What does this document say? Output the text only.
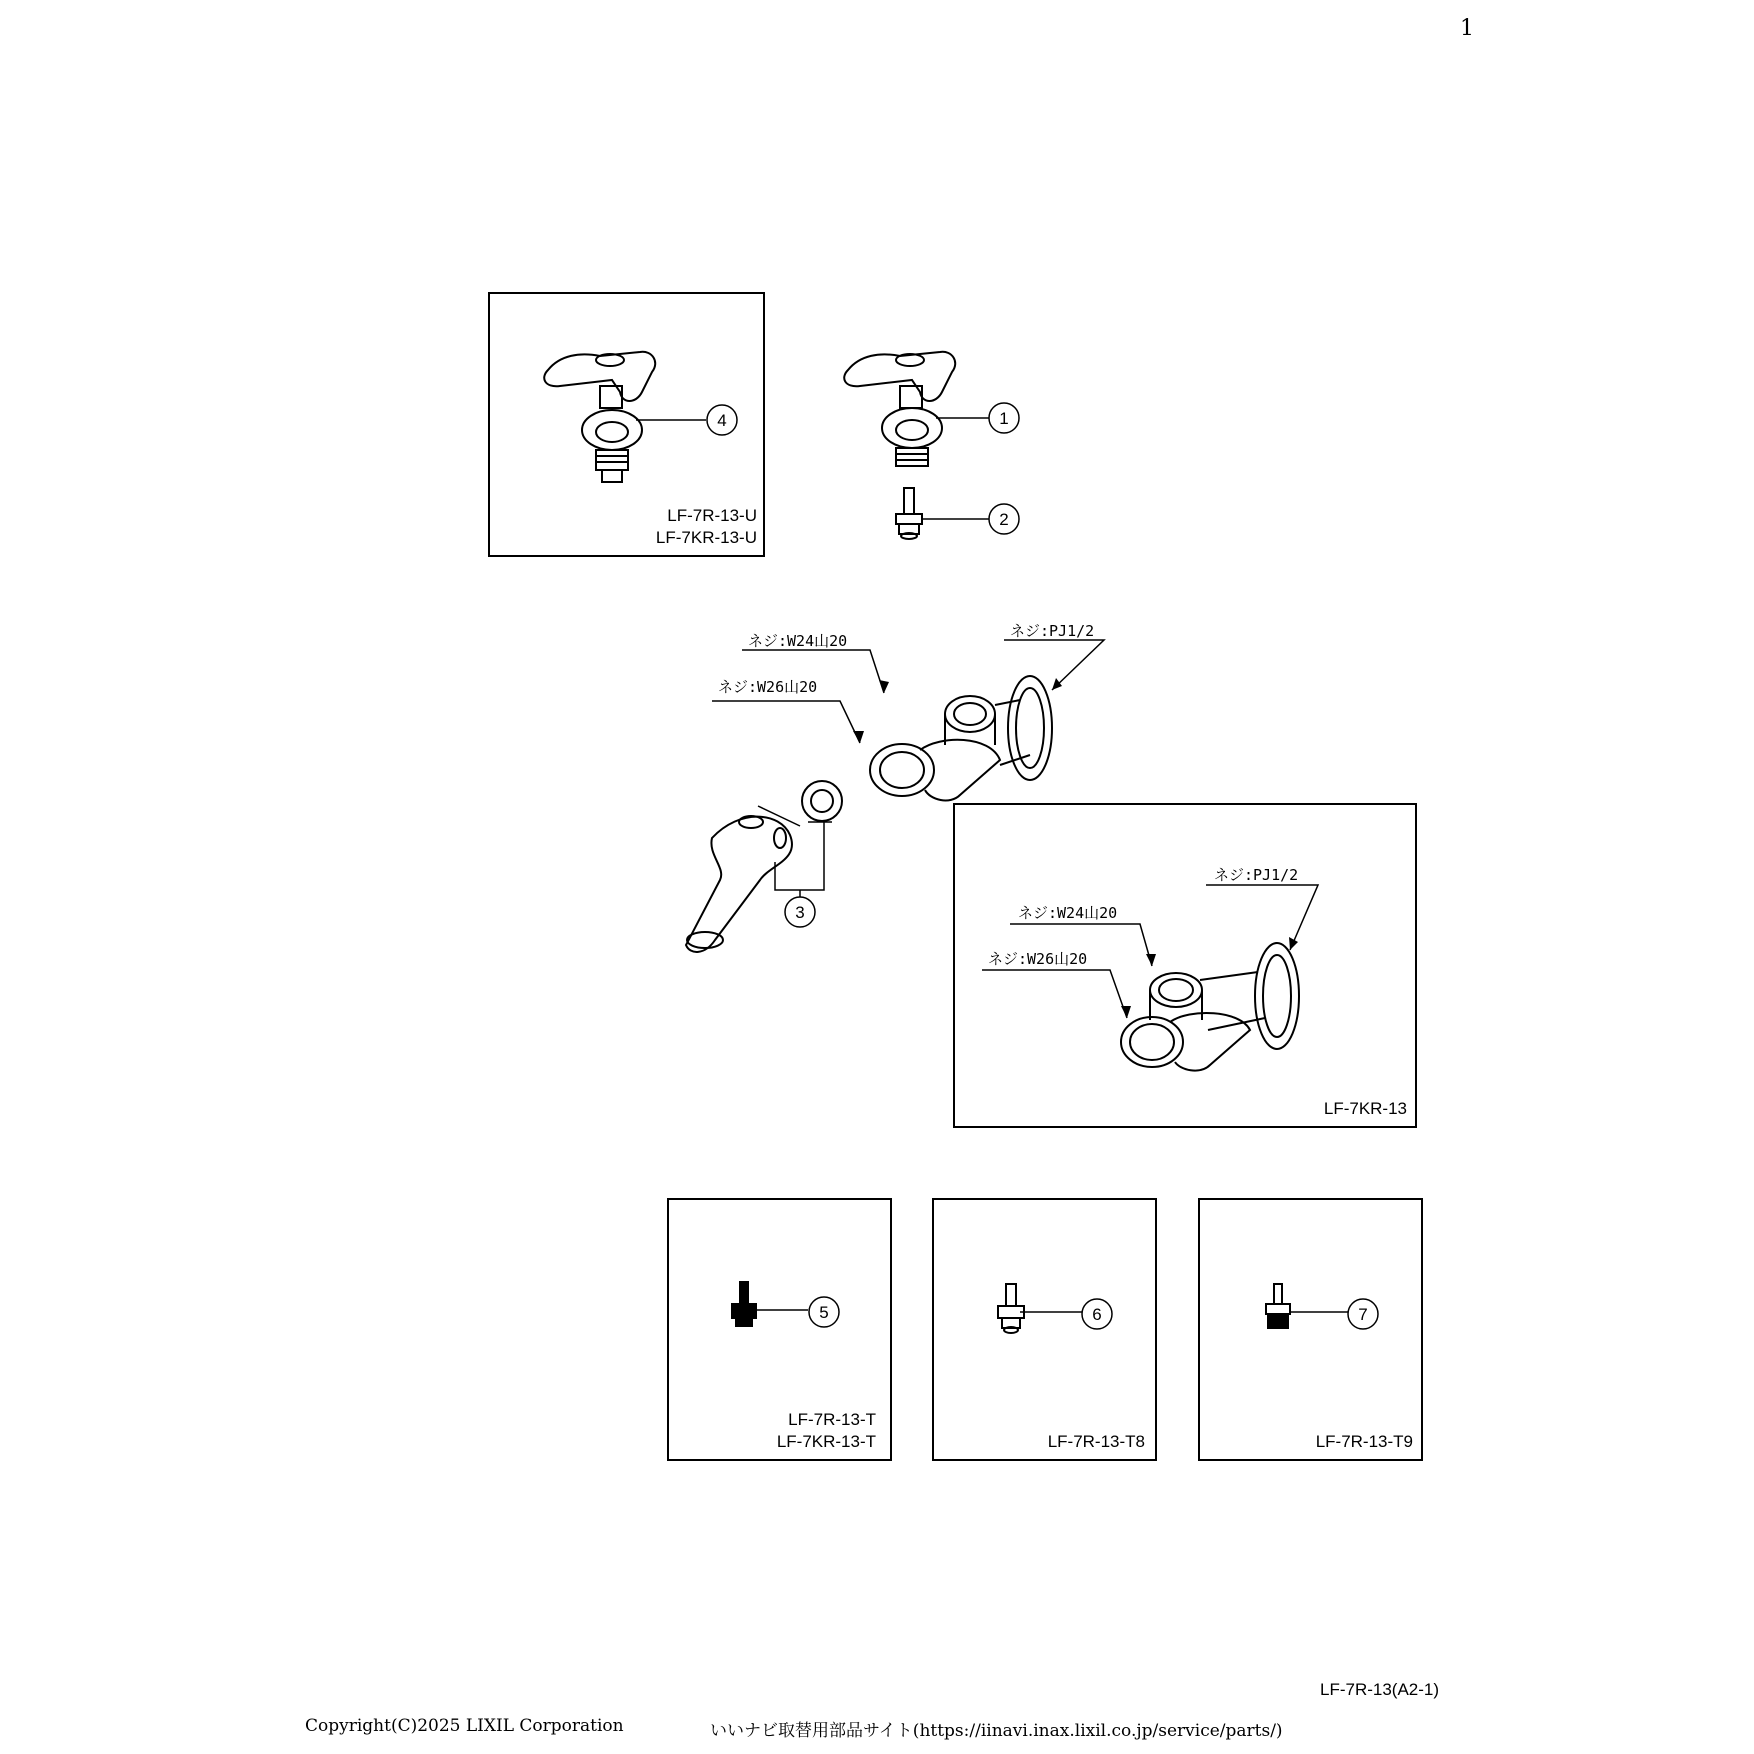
1
4	1
2
3
5	6	7
LF-7R-13-U
LF-7KR-13-U
LF-7KR-13
LF-7R-13-T
LF-7KR-13-T	LF-7R-13-T8	LF-7R-13-T9
ネジ:W24山20
ネジ:W26山20
ネジ:PJ1/2
ネジ:W24山20
ネジ:W26山20
ネジ:PJ1/2
LF-7R-13(A2-1)
Copyright(C)2025 LIXIL Corporation	いいナビ取替用部品サイト(https://iinavi.inax.lixil.co.jp/service/parts/)
